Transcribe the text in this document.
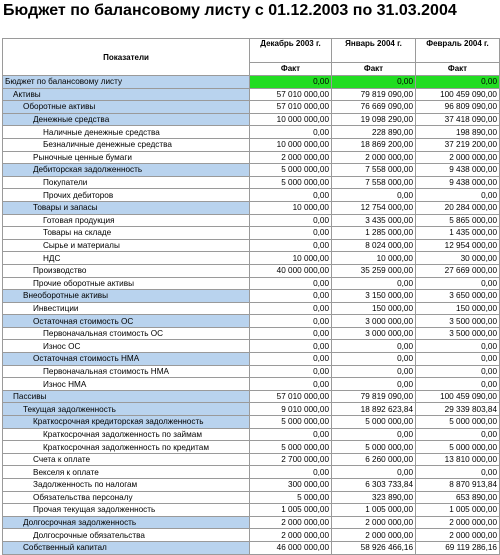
Бюджет по балансовому листу с 01.12.2003 по 31.03.2004
Показатели	Декабрь 2003 г.	Январь 2004 г.	Февраль 2004 г.
	Факт	Факт	Факт
Бюджет по балансовому листу	0,00	0,00	0,00
Активы	57 010 000,00	79 819 090,00	100 459 090,00
Оборотные активы	57 010 000,00	76 669 090,00	96 809 090,00
Денежные средства	10 000 000,00	19 098 290,00	37 418 090,00
Наличные денежные средства	0,00	228 890,00	198 890,00
Безналичные денежные средства	10 000 000,00	18 869 200,00	37 219 200,00
Рыночные ценные бумаги	2 000 000,00	2 000 000,00	2 000 000,00
Дебиторская задолженность	5 000 000,00	7 558 000,00	9 438 000,00
Покупатели	5 000 000,00	7 558 000,00	9 438 000,00
Прочих дебиторов	0,00	0,00	0,00
Товары и запасы	10 000,00	12 754 000,00	20 284 000,00
Готовая продукция	0,00	3 435 000,00	5 865 000,00
Товары на складе	0,00	1 285 000,00	1 435 000,00
Сырье и материалы	0,00	8 024 000,00	12 954 000,00
НДС	10 000,00	10 000,00	30 000,00
Производство	40 000 000,00	35 259 000,00	27 669 000,00
Прочие оборотные активы	0,00	0,00	0,00
Внеоборотные активы	0,00	3 150 000,00	3 650 000,00
Инвестиции	0,00	150 000,00	150 000,00
Остаточная стоимость ОС	0,00	3 000 000,00	3 500 000,00
Первоначальная стоимость ОС	0,00	3 000 000,00	3 500 000,00
Износ ОС	0,00	0,00	0,00
Остаточная стоимость НМА	0,00	0,00	0,00
Первоначальная стоимость НМА	0,00	0,00	0,00
Износ НМА	0,00	0,00	0,00
Пассивы	57 010 000,00	79 819 090,00	100 459 090,00
Текущая задолженность	9 010 000,00	18 892 623,84	29 339 803,84
Краткосрочная кредиторская задолженность	5 000 000,00	5 000 000,00	5 000 000,00
Краткосрочная задолженность по займам	0,00	0,00	0,00
Краткосрочная задолженность по кредитам	5 000 000,00	5 000 000,00	5 000 000,00
Счета к оплате	2 700 000,00	6 260 000,00	13 810 000,00
Векселя к оплате	0,00	0,00	0,00
Задолженность по налогам	300 000,00	6 303 733,84	8 870 913,84
Обязательства персоналу	5 000,00	323 890,00	653 890,00
Прочая текущая задолженность	1 005 000,00	1 005 000,00	1 005 000,00
Долгосрочная задолженность	2 000 000,00	2 000 000,00	2 000 000,00
Долгосрочные обязательства	2 000 000,00	2 000 000,00	2 000 000,00
Собственный капитал	46 000 000,00	58 926 466,16	69 119 286,16
